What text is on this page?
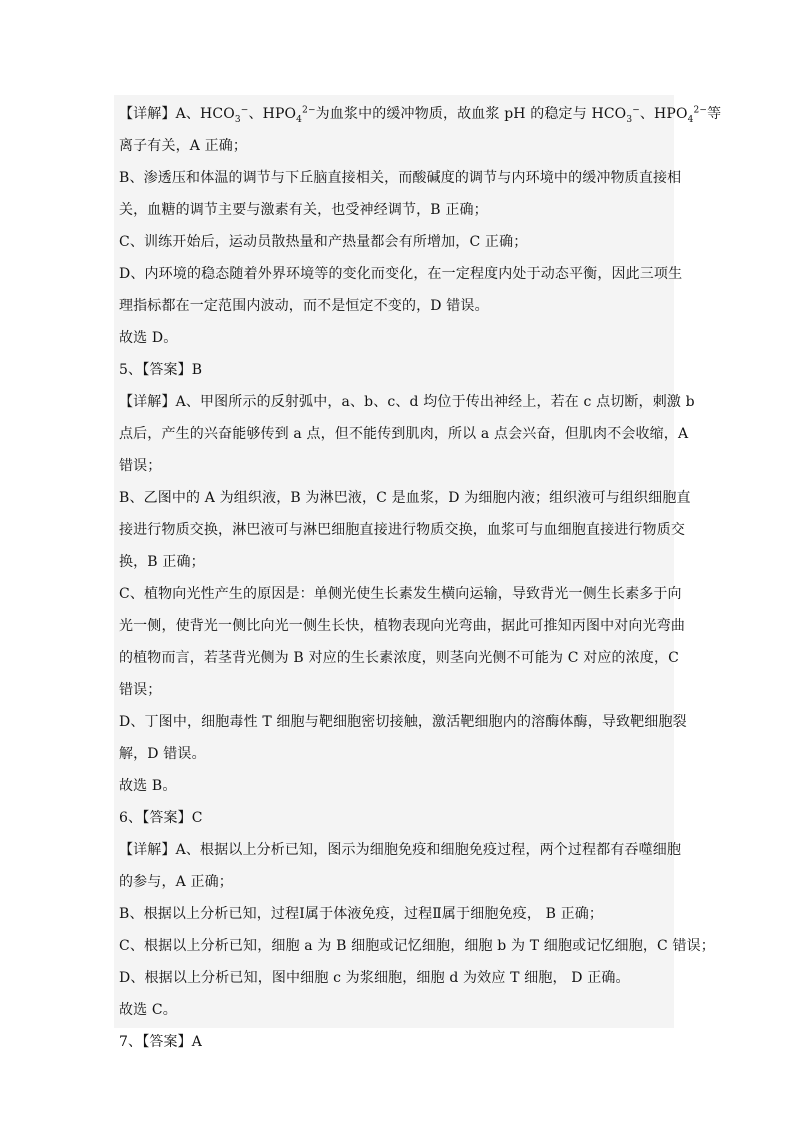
【详解】A、$HCO_3^-$、$HPO_4^{2-}$为血浆中的缓冲物质，故血浆 pH 的稳定与 $HCO_3^-$、$HPO_4^{2-}$等
离子有关，A 正确；
B、渗透压和体温的调节与下丘脑直接相关，而酸碱度的调节与内环境中的缓冲物质直接相
关，血糖的调节主要与激素有关，也受神经调节，B 正确；
C、训练开始后，运动员散热量和产热量都会有所增加，C 正确；
D、内环境的稳态随着外界环境等的变化而变化，在一定程度内处于动态平衡，因此三项生
理指标都在一定范围内波动，而不是恒定不变的，D 错误。
故选 D。
5、【答案】B
【详解】A、甲图所示的反射弧中，a、b、c、d 均位于传出神经上，若在 c 点切断，刺激 b
点后，产生的兴奋能够传到 a 点，但不能传到肌肉，所以 a 点会兴奋，但肌肉不会收缩，A
错误；
B、乙图中的 A 为组织液，B 为淋巴液，C 是血浆，D 为细胞内液；组织液可与组织细胞直
接进行物质交换，淋巴液可与淋巴细胞直接进行物质交换，血浆可与血细胞直接进行物质交
换，B 正确；
C、植物向光性产生的原因是：单侧光使生长素发生横向运输，导致背光一侧生长素多于向
光一侧，使背光一侧比向光一侧生长快，植物表现向光弯曲，据此可推知丙图中对向光弯曲
的植物而言，若茎背光侧为 B 对应的生长素浓度，则茎向光侧不可能为 C 对应的浓度，C
错误；
D、丁图中，细胞毒性 T 细胞与靶细胞密切接触，激活靶细胞内的溶酶体酶，导致靶细胞裂
解，D 错误。
故选 B。
6、【答案】C
【详解】A、根据以上分析已知，图示为细胞免疫和细胞免疫过程，两个过程都有吞噬细胞
的参与，A 正确；
B、根据以上分析已知，过程Ⅰ属于体液免疫，过程Ⅱ属于细胞免疫， B 正确；
C、根据以上分析已知，细胞 a 为 B 细胞或记忆细胞，细胞 b 为 T 细胞或记忆细胞，C 错误；
D、根据以上分析已知，图中细胞 c 为浆细胞，细胞 d 为效应 T 细胞， D 正确。
故选 C。
7、【答案】A
